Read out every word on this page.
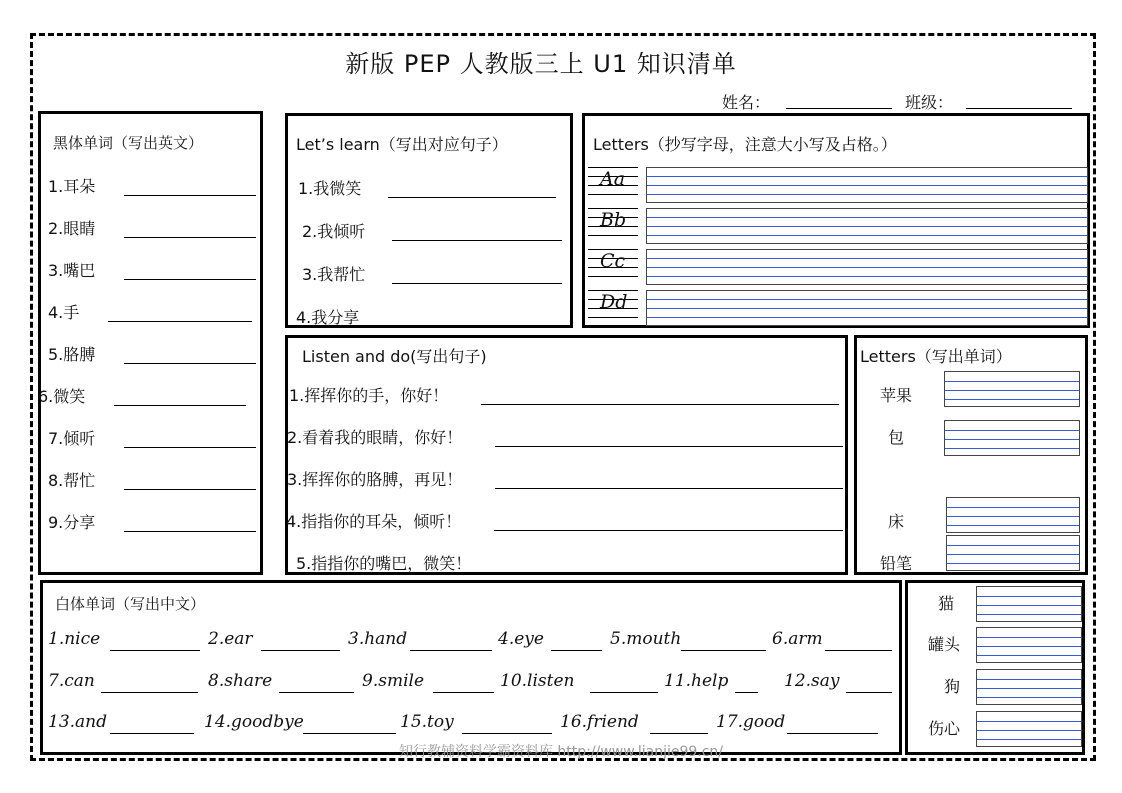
新版 PEP 人教版三上 U1 知识清单
姓名：	班级：
黑体单词（写出英文）	Let’s learn（写出对应句子）	Letters（抄写字母，注意大小写及占格。）
Listen and do(写出句子)	Letters（写出单词）
白体单词（写出中文）
知行教辅资料学霸资料库 http://www.lianjie99.cn/
1.耳朵
2.眼睛
3.嘴巴
4.手
5.胳膊
6.微笑
7.倾听
8.帮忙
9.分享
1.我微笑
2.我倾听
3.我帮忙
4.我分享
Aa
Bb
Cc
Dd
1.挥挥你的手，你好！
2.看着我的眼睛，你好！
3.挥挥你的胳膊，再见！
4.指指你的耳朵，倾听！
5.指指你的嘴巴，微笑！
苹果
包
床
铅笔
1.nice	2.ear	3.hand	4.eye	5.mouth	6.arm
7.can	8.share	9.smile	10.listen	11.help	12.say
13.and	14.goodbye	15.toy	16.friend	17.good
猫
罐头
狗
伤心
